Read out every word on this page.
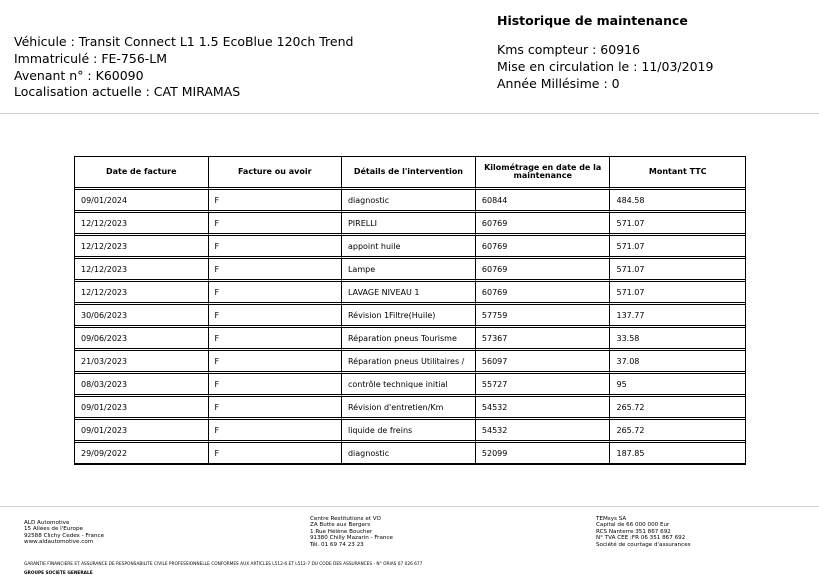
Véhicule : Transit Connect L1 1.5 EcoBlue 120ch Trend
Immatriculé : FE-756-LM
Avenant n° : K60090
Localisation actuelle : CAT MIRAMAS
Historique de maintenance
Kms compteur : 60916
Mise en circulation le : 11/03/2019
Année Millésime : 0
Date de facture	Facture ou avoir	Détails de l'intervention	Kilométrage en date de la maintenance	Montant TTC
09/01/2024	F	diagnostic	60844	484.58
12/12/2023	F	PIRELLI	60769	571.07
12/12/2023	F	appoint huile	60769	571.07
12/12/2023	F	Lampe	60769	571.07
12/12/2023	F	LAVAGE NIVEAU 1	60769	571.07
30/06/2023	F	Révision 1Filtre(Huile)	57759	137.77
09/06/2023	F	Réparation pneus Tourisme	57367	33.58
21/03/2023	F	Réparation pneus Utilitaires /	56097	37.08
08/03/2023	F	contrôle technique initial	55727	95
09/01/2023	F	Révision d'entretien/Km	54532	265.72
09/01/2023	F	liquide de freins	54532	265.72
29/09/2022	F	diagnostic	52099	187.85
ALD Automotive
15 Allées de l'Europe
92588 Clichy Cedex - France
www.aldautomotive.com
Centre Restitutions et VO
ZA Butte aux Bergers
1 Rue Hélène Boucher
91380 Chilly Mazarin - France
Tél. 01 69 74 23 23
TEMsys SA
Capital de 66 000 000 Eur
RCS Nanterre 351 867 692
N° TVA CEE :FR 06 351 867 692
Société de courtage d'assurances
GARANTIE FINANCIERE ET ASSURANCE DE RESPONSABILITE CIVILE PROFESSIONNELLE CONFORMES AUX ARTICLES L512-6 ET L512-7 DU CODE DES ASSURANCES - N° ORIAS 07 026 677
GROUPE SOCIETE GENERALE
